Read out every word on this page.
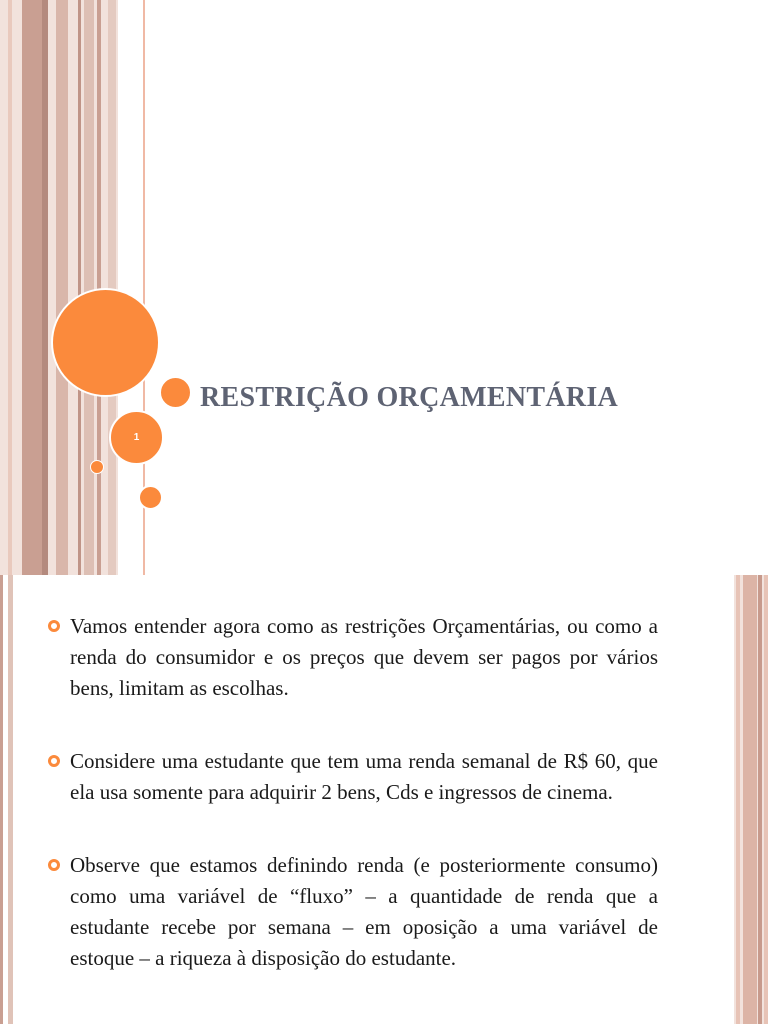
1
RESTRIÇÃO ORÇAMENTÁRIA
Vamos entender agora como as restrições Orçamentárias, ou como a renda do consumidor e os preços que devem ser pagos por vários bens, limitam as escolhas.
Considere uma estudante que tem uma renda semanal de R$ 60, que ela usa somente para adquirir 2 bens, Cds e ingressos de cinema.
Observe que estamos definindo renda (e posteriormente consumo) como uma variável de “fluxo” – a quantidade de renda que a estudante recebe por semana – em oposição a uma variável de estoque – a riqueza à disposição do estudante.
